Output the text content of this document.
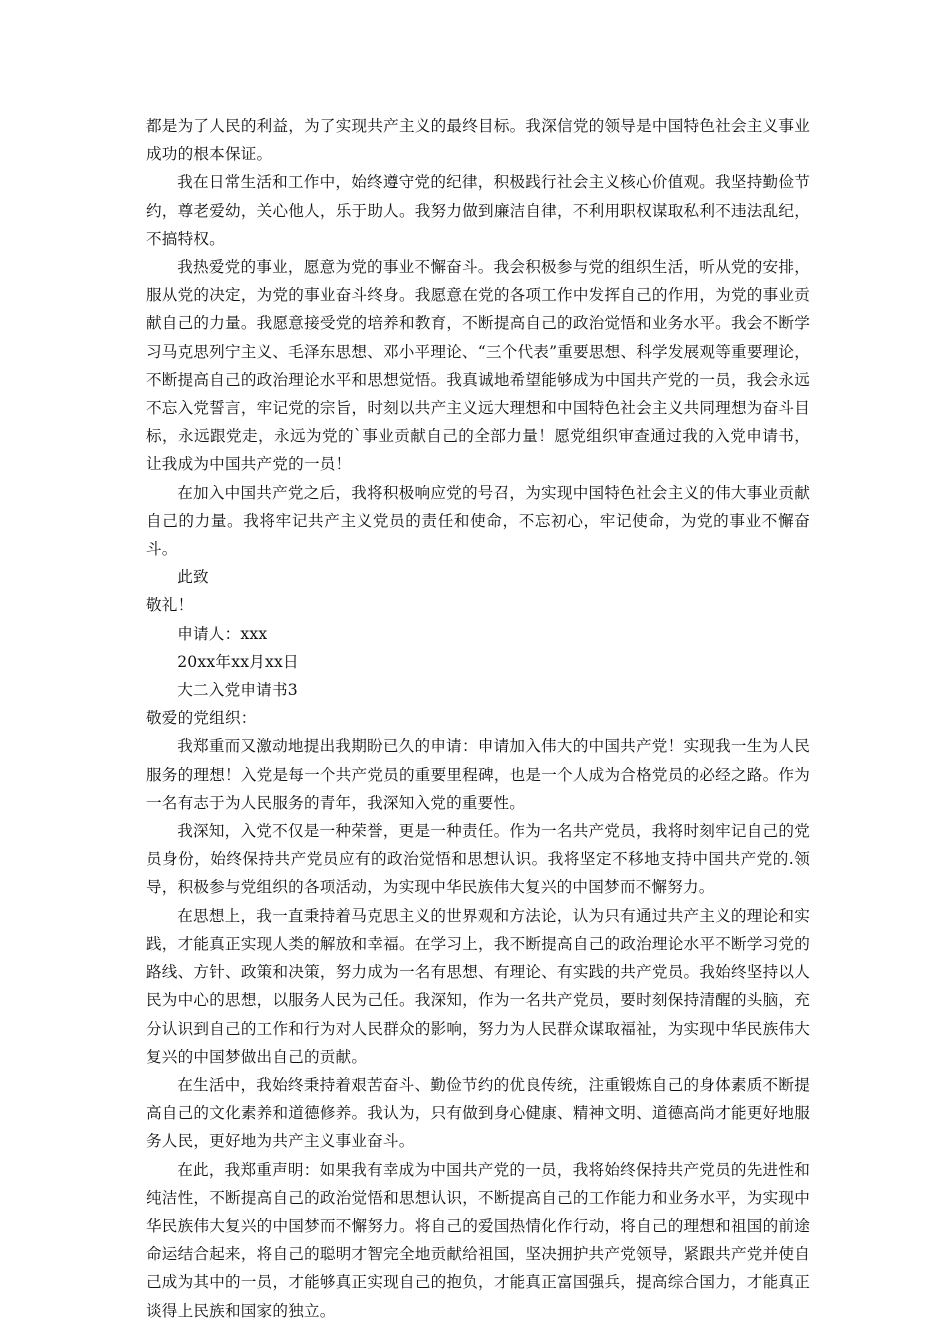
都是为了人民的利益，为了实现共产主义的最终目标。我深信党的领导是中国特色社会主义事业成功的根本保证。

我在日常生活和工作中，始终遵守党的纪律，积极践行社会主义核心价值观。我坚持勤俭节约，尊老爱幼，关心他人，乐于助人。我努力做到廉洁自律，不利用职权谋取私利不违法乱纪，不搞特权。

我热爱党的事业，愿意为党的事业不懈奋斗。我会积极参与党的组织生活，听从党的安排，服从党的决定，为党的事业奋斗终身。我愿意在党的各项工作中发挥自己的作用，为党的事业贡献自己的力量。我愿意接受党的培养和教育，不断提高自己的政治觉悟和业务水平。我会不断学习马克思列宁主义、毛泽东思想、邓小平理论、“三个代表”重要思想、科学发展观等重要理论，不断提高自己的政治理论水平和思想觉悟。我真诚地希望能够成为中国共产党的一员，我会永远不忘入党誓言，牢记党的宗旨，时刻以共产主义远大理想和中国特色社会主义共同理想为奋斗目标，永远跟党走，永远为党的`事业贡献自己的全部力量！愿党组织审查通过我的入党申请书，让我成为中国共产党的一员！

在加入中国共产党之后，我将积极响应党的号召，为实现中国特色社会主义的伟大事业贡献自己的力量。我将牢记共产主义党员的责任和使命，不忘初心，牢记使命，为党的事业不懈奋斗。

此致

敬礼！

申请人：xxx

20xx年xx月xx日

大二入党申请书3

敬爱的党组织：

我郑重而又激动地提出我期盼已久的申请：申请加入伟大的中国共产党！实现我一生为人民服务的理想！入党是每一个共产党员的重要里程碑，也是一个人成为合格党员的必经之路。作为一名有志于为人民服务的青年，我深知入党的重要性。

我深知，入党不仅是一种荣誉，更是一种责任。作为一名共产党员，我将时刻牢记自己的党员身份，始终保持共产党员应有的政治觉悟和思想认识。我将坚定不移地支持中国共产党的.领导，积极参与党组织的各项活动，为实现中华民族伟大复兴的中国梦而不懈努力。

在思想上，我一直秉持着马克思主义的世界观和方法论，认为只有通过共产主义的理论和实践，才能真正实现人类的解放和幸福。在学习上，我不断提高自己的政治理论水平不断学习党的路线、方针、政策和决策，努力成为一名有思想、有理论、有实践的共产党员。我始终坚持以人民为中心的思想，以服务人民为己任。我深知，作为一名共产党员，要时刻保持清醒的头脑，充分认识到自己的工作和行为对人民群众的影响，努力为人民群众谋取福祉，为实现中华民族伟大复兴的中国梦做出自己的贡献。

在生活中，我始终秉持着艰苦奋斗、勤俭节约的优良传统，注重锻炼自己的身体素质不断提高自己的文化素养和道德修养。我认为，只有做到身心健康、精神文明、道德高尚才能更好地服务人民，更好地为共产主义事业奋斗。

在此，我郑重声明：如果我有幸成为中国共产党的一员，我将始终保持共产党员的先进性和纯洁性，不断提高自己的政治觉悟和思想认识，不断提高自己的工作能力和业务水平，为实现中华民族伟大复兴的中国梦而不懈努力。将自己的爱国热情化作行动，将自己的理想和祖国的前途命运结合起来，将自己的聪明才智完全地贡献给祖国，坚决拥护共产党领导，紧跟共产党并使自己成为其中的一员，才能够真正实现自己的抱负，才能真正富国强兵，提高综合国力，才能真正谈得上民族和国家的独立。
